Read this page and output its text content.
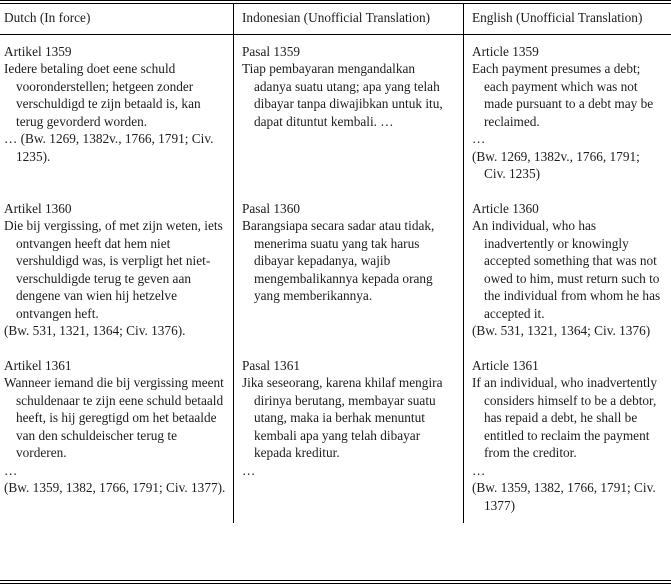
Dutch (In force)	Indonesian (Unofficial Translation)	English (Unofficial Translation)
Artikel 1359

Iedere betaling doet eene schuld vooronderstellen; hetgeen zonder verschuldigd te zijn betaald is, kan terug gevorderd worden.

… (Bw. 1269, 1382v., 1766, 1791; Civ. 1235).

Pasal 1359

Tiap pembayaran mengandalkan adanya suatu utang; apa yang telah dibayar tanpa diwajibkan untuk itu, dapat dituntut kembali. …

Article 1359

Each payment presumes a debt; each payment which was not made pursuant to a debt may be reclaimed.

…

(Bw. 1269, 1382v., 1766, 1791; Civ. 1235)

Artikel 1360

Die bij vergissing, of met zijn weten, iets ontvangen heeft dat hem niet vershuldigd was, is verpligt het niet-verschuldigde terug te geven aan dengene van wien hij hetzelve ontvangen heft.

(Bw. 531, 1321, 1364; Civ. 1376).

Pasal 1360

Barangsiapa secara sadar atau tidak, menerima suatu yang tak harus dibayar kepadanya, wajib mengembalikannya kepada orang yang memberikannya.

Article 1360

An individual, who has inadvertently or knowingly accepted something that was not owed to him, must return such to the individual from whom he has accepted it.

(Bw. 531, 1321, 1364; Civ. 1376)

Artikel 1361

Wanneer iemand die bij vergissing meent schuldenaar te zijn eene schuld betaald heeft, is hij geregtigd om het betaalde van den schuldeischer terug te vorderen.

…

(Bw. 1359, 1382, 1766, 1791; Civ. 1377).

Pasal 1361

Jika seseorang, karena khilaf mengira dirinya berutang, membayar suatu utang, maka ia berhak menuntut kembali apa yang telah dibayar kepada kreditur.

…

Article 1361

If an individual, who inadvertently considers himself to be a debtor, has repaid a debt, he shall be entitled to reclaim the payment from the creditor.

…

(Bw. 1359, 1382, 1766, 1791; Civ. 1377)
